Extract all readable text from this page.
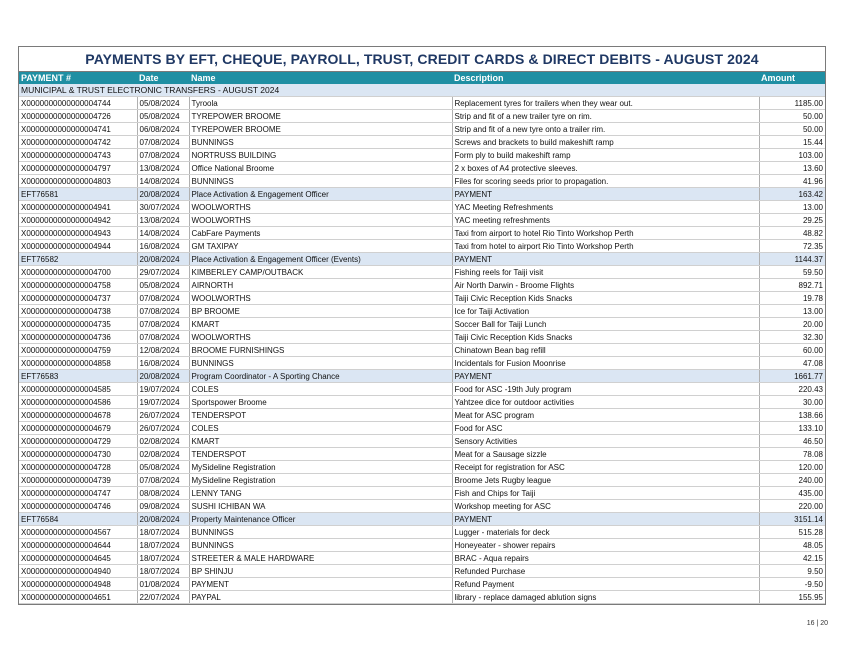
PAYMENTS BY EFT, CHEQUE, PAYROLL, TRUST, CREDIT CARDS & DIRECT DEBITS - AUGUST 2024
PAYMENT #	Date	Name	Description	Amount
MUNICIPAL & TRUST ELECTRONIC TRANSFERS - AUGUST 2024				
X0000000000000004744	05/08/2024	Tyroola	Replacement tyres for trailers when they wear out.	1185.00
X0000000000000004726	05/08/2024	TYREPOWER BROOME	Strip and fit of a new trailer tyre on rim.	50.00
X0000000000000004741	06/08/2024	TYREPOWER BROOME	Strip and fit of a new tyre onto a trailer rim.	50.00
X0000000000000004742	07/08/2024	BUNNINGS	Screws and brackets to build makeshift ramp	15.44
X0000000000000004743	07/08/2024	NORTRUSS BUILDING	Form ply to build makeshift ramp	103.00
X0000000000000004797	13/08/2024	Office National Broome	2 x boxes of A4 protective sleeves.	13.60
X0000000000000004803	14/08/2024	BUNNINGS	Files for scoring seeds prior to propagation.	41.96
EFT76581	20/08/2024	Place Activation & Engagement Officer	PAYMENT	163.42
X0000000000000004941	30/07/2024	WOOLWORTHS	YAC Meeting Refreshments	13.00
X0000000000000004942	13/08/2024	WOOLWORTHS	YAC meeting refreshments	29.25
X0000000000000004943	14/08/2024	CabFare Payments	Taxi from airport to hotel Rio Tinto Workshop Perth	48.82
X0000000000000004944	16/08/2024	GM TAXIPAY	Taxi from hotel to airport Rio Tinto Workshop Perth	72.35
EFT76582	20/08/2024	Place Activation & Engagement Officer (Events)	PAYMENT	1144.37
X0000000000000004700	29/07/2024	KIMBERLEY CAMP/OUTBACK	Fishing reels for Taiji visit	59.50
X0000000000000004758	05/08/2024	AIRNORTH	Air North Darwin - Broome Flights	892.71
X0000000000000004737	07/08/2024	WOOLWORTHS	Taiji Civic Reception Kids Snacks	19.78
X0000000000000004738	07/08/2024	BP BROOME	Ice for Taiji Activation	13.00
X0000000000000004735	07/08/2024	KMART	Soccer Ball for Taiji Lunch	20.00
X0000000000000004736	07/08/2024	WOOLWORTHS	Taiji Civic Reception Kids Snacks	32.30
X0000000000000004759	12/08/2024	BROOME FURNISHINGS	Chinatown Bean bag refill	60.00
X0000000000000004858	16/08/2024	BUNNINGS	Incidentals for Fusion Moonrise	47.08
EFT76583	20/08/2024	Program Coordinator - A Sporting Chance	PAYMENT	1661.77
X0000000000000004585	19/07/2024	COLES	Food for ASC -19th July program	220.43
X0000000000000004586	19/07/2024	Sportspower Broome	Yahtzee dice for outdoor activities	30.00
X0000000000000004678	26/07/2024	TENDERSPOT	Meat for ASC program	138.66
X0000000000000004679	26/07/2024	COLES	Food for ASC	133.10
X0000000000000004729	02/08/2024	KMART	Sensory Activities	46.50
X0000000000000004730	02/08/2024	TENDERSPOT	Meat for a Sausage sizzle	78.08
X0000000000000004728	05/08/2024	MySideline Registration	Receipt for registration for ASC	120.00
X0000000000000004739	07/08/2024	MySideline Registration	Broome Jets Rugby league	240.00
X0000000000000004747	08/08/2024	LENNY TANG	Fish and Chips for Taiji	435.00
X0000000000000004746	09/08/2024	SUSHI ICHIBAN WA	Workshop meeting for ASC	220.00
EFT76584	20/08/2024	Property Maintenance Officer	PAYMENT	3151.14
X0000000000000004567	18/07/2024	BUNNINGS	Lugger - materials for deck	515.28
X0000000000000004644	18/07/2024	BUNNINGS	Honeyeater - shower repairs	48.05
X0000000000000004645	18/07/2024	STREETER & MALE HARDWARE	BRAC - Aqua repairs	42.15
X0000000000000004940	18/07/2024	BP SHINJU	Refunded Purchase	9.50
X0000000000000004948	01/08/2024	PAYMENT	Refund Payment	-9.50
X0000000000000004651	22/07/2024	PAYPAL	library - replace damaged ablution signs	155.95
16 | 20
